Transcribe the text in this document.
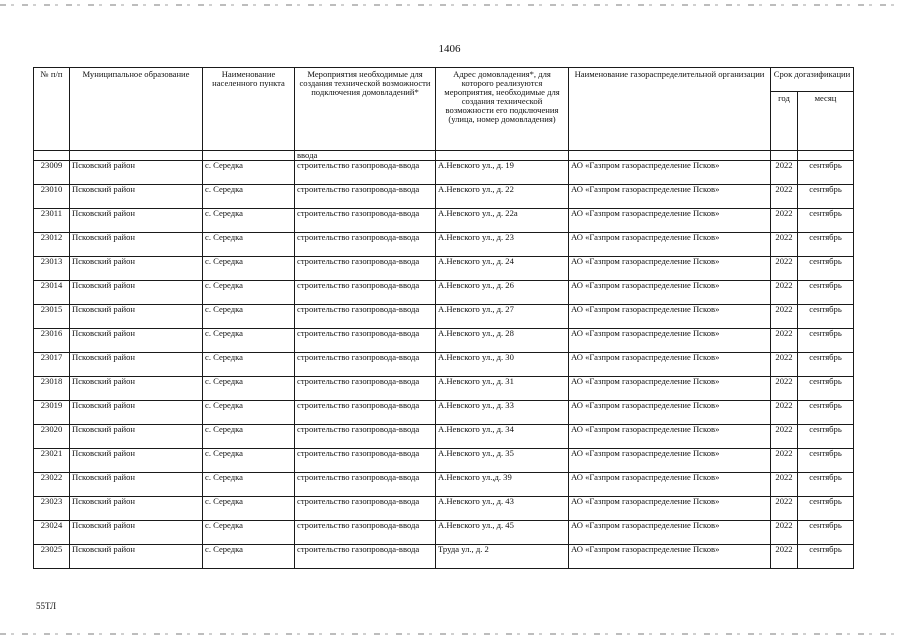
1406
№ п/п	Муниципальное образование	Наименование населенного пункта	Мероприятия необходимые для создания технической возможности подключения домовладений*	Адрес домовладения*, для которого реализуются мероприятия, необходимые для создания технической возможности его подключения (улица, номер домовладения)	Наименование газораспределительной организации	Срок догазификации	
						год	месяц
			ввода				
23009	Псковский район	с. Середка	строительство газопровода-ввода	А.Невского ул., д. 19	АО «Газпром газораспределение Псков»	2022	сентябрь
23010	Псковский район	с. Середка	строительство газопровода-ввода	А.Невского ул., д. 22	АО «Газпром газораспределение Псков»	2022	сентябрь
23011	Псковский район	с. Середка	строительство газопровода-ввода	А.Невского ул., д. 22а	АО «Газпром газораспределение Псков»	2022	сентябрь
23012	Псковский район	с. Середка	строительство газопровода-ввода	А.Невского ул., д. 23	АО «Газпром газораспределение Псков»	2022	сентябрь
23013	Псковский район	с. Середка	строительство газопровода-ввода	А.Невского ул., д. 24	АО «Газпром газораспределение Псков»	2022	сентябрь
23014	Псковский район	с. Середка	строительство газопровода-ввода	А.Невского ул., д. 26	АО «Газпром газораспределение Псков»	2022	сентябрь
23015	Псковский район	с. Середка	строительство газопровода-ввода	А.Невского ул., д. 27	АО «Газпром газораспределение Псков»	2022	сентябрь
23016	Псковский район	с. Середка	строительство газопровода-ввода	А.Невского ул., д. 28	АО «Газпром газораспределение Псков»	2022	сентябрь
23017	Псковский район	с. Середка	строительство газопровода-ввода	А.Невского ул., д. 30	АО «Газпром газораспределение Псков»	2022	сентябрь
23018	Псковский район	с. Середка	строительство газопровода-ввода	А.Невского ул., д. 31	АО «Газпром газораспределение Псков»	2022	сентябрь
23019	Псковский район	с. Середка	строительство газопровода-ввода	А.Невского ул., д. 33	АО «Газпром газораспределение Псков»	2022	сентябрь
23020	Псковский район	с. Середка	строительство газопровода-ввода	А.Невского ул., д. 34	АО «Газпром газораспределение Псков»	2022	сентябрь
23021	Псковский район	с. Середка	строительство газопровода-ввода	А.Невского ул., д. 35	АО «Газпром газораспределение Псков»	2022	сентябрь
23022	Псковский район	с. Середка	строительство газопровода-ввода	А.Невского ул.,д. 39	АО «Газпром газораспределение Псков»	2022	сентябрь
23023	Псковский район	с. Середка	строительство газопровода-ввода	А.Невского ул., д. 43	АО «Газпром газораспределение Псков»	2022	сентябрь
23024	Псковский район	с. Середка	строительство газопровода-ввода	А.Невского ул., д. 45	АО «Газпром газораспределение Псков»	2022	сентябрь
23025	Псковский район	с. Середка	строительство газопровода-ввода	Труда ул., д. 2	АО «Газпром газораспределение Псков»	2022	сентябрь
55ТЛ
